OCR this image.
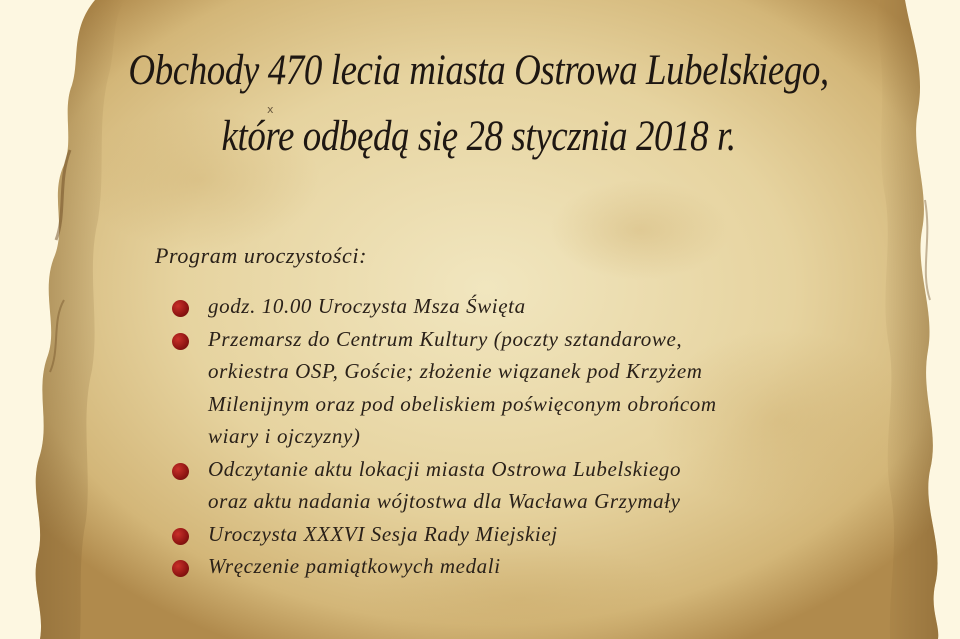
Obchody 470 lecia miasta Ostrowa Lubelskiego,
które odbędą się 28 stycznia 2018 r.
x
Program uroczystości:
godz. 10.00 Uroczysta Msza Święta
Przemarsz do Centrum Kultury (poczty sztandarowe,
orkiestra OSP, Goście; złożenie wiązanek pod Krzyżem
Milenijnym oraz pod obeliskiem poświęconym obrońcom
wiary i ojczyzny)
Odczytanie aktu lokacji miasta Ostrowa Lubelskiego
oraz aktu nadania wójtostwa dla Wacława Grzymały
Uroczysta XXXVI Sesja Rady Miejskiej
Wręczenie pamiątkowych medali
